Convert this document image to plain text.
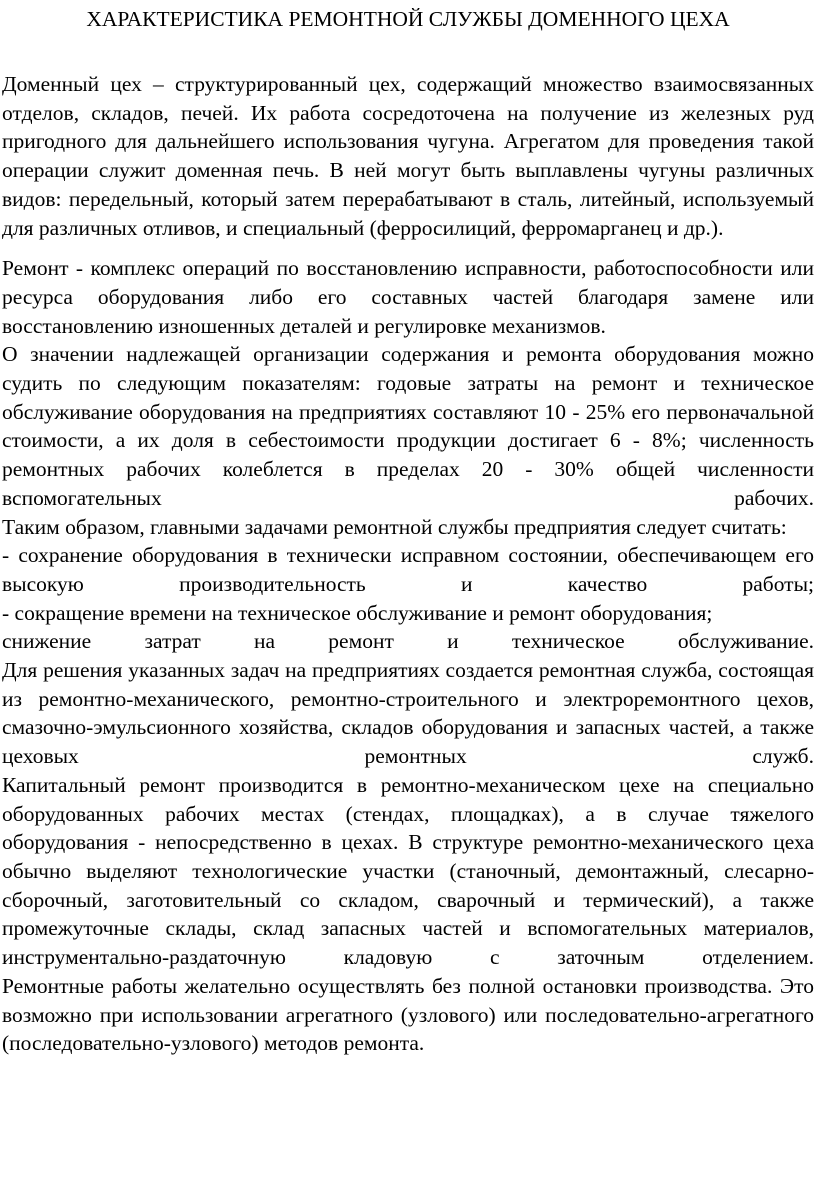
ХАРАКТЕРИСТИКА РЕМОНТНОЙ СЛУЖБЫ ДОМЕННОГО ЦЕХА

Доменный цех – структурированный цех, содержащий множество взаимосвязанных отделов, складов, печей. Их работа сосредоточена на получение из железных руд пригодного для дальнейшего использования чугуна. Агрегатом для проведения такой операции служит доменная печь. В ней могут быть выплавлены чугуны различных видов: передельный, который затем перерабатывают в сталь, литейный, используемый для различных отливов, и специальный (ферросилиций, ферромарганец и др.).

Ремонт - комплекс операций по восстановлению исправности, работоспособности или ресурса оборудования либо его составных частей благодаря замене или восстановлению изношенных деталей и регулировке механизмов.

О значении надлежащей организации содержания и ремонта оборудования можно судить по следующим показателям: годовые затраты на ремонт и техническое обслуживание оборудования на предприятиях составляют 10 - 25% его первоначальной стоимости, а их доля в себестоимости продукции достигает 6 - 8%; численность ремонтных рабочих колеблется в пределах 20 - 30% общей численности вспомогательных рабочих.

Таким образом, главными задачами ремонтной службы предприятия следует считать:

- сохранение оборудования в технически исправном состоянии, обеспечивающем его высокую производительность и качество работы;

- сокращение времени на техническое обслуживание и ремонт оборудования;

снижение затрат на ремонт и техническое обслуживание.

Для решения указанных задач на предприятиях создается ремонтная служба, состоящая из ремонтно-механического, ремонтно-строительного и электроремонтного цехов, смазочно-эмульсионного хозяйства, складов оборудования и запасных частей, а также цеховых ремонтных служб.

Капитальный ремонт производится в ремонтно-механическом цехе на специально оборудованных рабочих местах (стендах, площадках), а в случае тяжелого оборудования - непосредственно в цехах. В структуре ремонтно-механического цеха обычно выделяют технологические участки (станочный, демонтажный, слесарно-сборочный, заготовительный со складом, сварочный и термический), а также промежуточные склады, склад запасных частей и вспомогательных материалов, инструментально-раздаточную кладовую с заточным отделением.

Ремонтные работы желательно осуществлять без полной остановки производства. Это возможно при использовании агрегатного (узлового) или последовательно-агрегатного (последовательно-узлового) методов ремонта.
